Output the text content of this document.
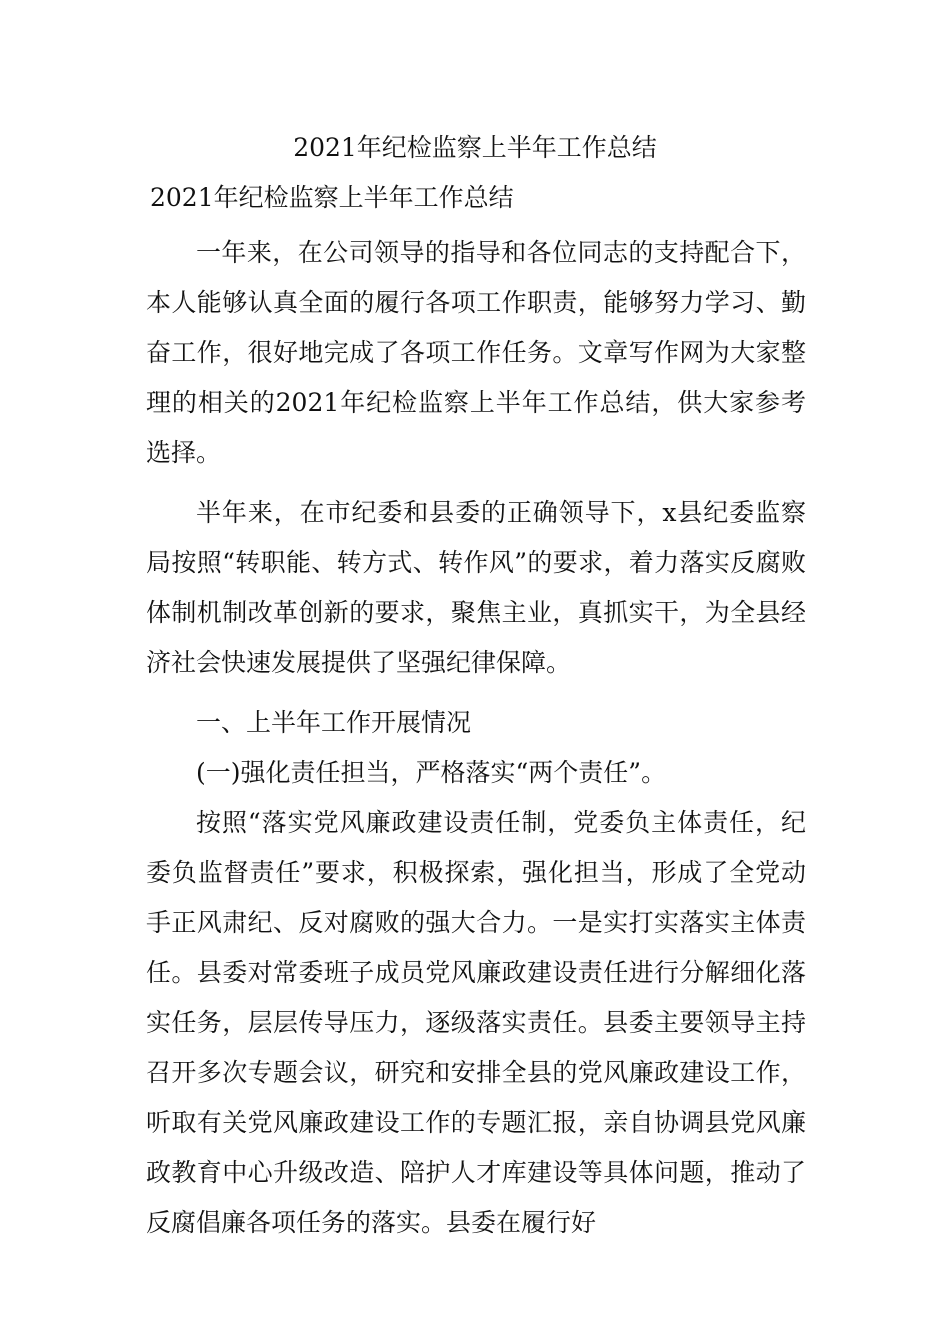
2021年纪检监察上半年工作总结
2021年纪检监察上半年工作总结

一年来，在公司领导的指导和各位同志的支持配合下，本人能够认真全面的履行各项工作职责，能够努力学习、勤奋工作，很好地完成了各项工作任务。文章写作网为大家整理的相关的2021年纪检监察上半年工作总结，供大家参考选择。

半年来，在市纪委和县委的正确领导下，x县纪委监察局按照“转职能、转方式、转作风”的要求，着力落实反腐败体制机制改革创新的要求，聚焦主业，真抓实干，为全县经济社会快速发展提供了坚强纪律保障。

一、上半年工作开展情况

(一)强化责任担当，严格落实“两个责任”。

按照“落实党风廉政建设责任制，党委负主体责任，纪委负监督责任”要求，积极探索，强化担当，形成了全党动手正风肃纪、反对腐败的强大合力。一是实打实落实主体责任。县委对常委班子成员党风廉政建设责任进行分解细化落实任务，层层传导压力，逐级落实责任。县委主要领导主持召开多次专题会议，研究和安排全县的党风廉政建设工作，听取有关党风廉政建设工作的专题汇报，亲自协调县党风廉政教育中心升级改造、陪护人才库建设等具体问题，推动了反腐倡廉各项任务的落实。县委在履行好
